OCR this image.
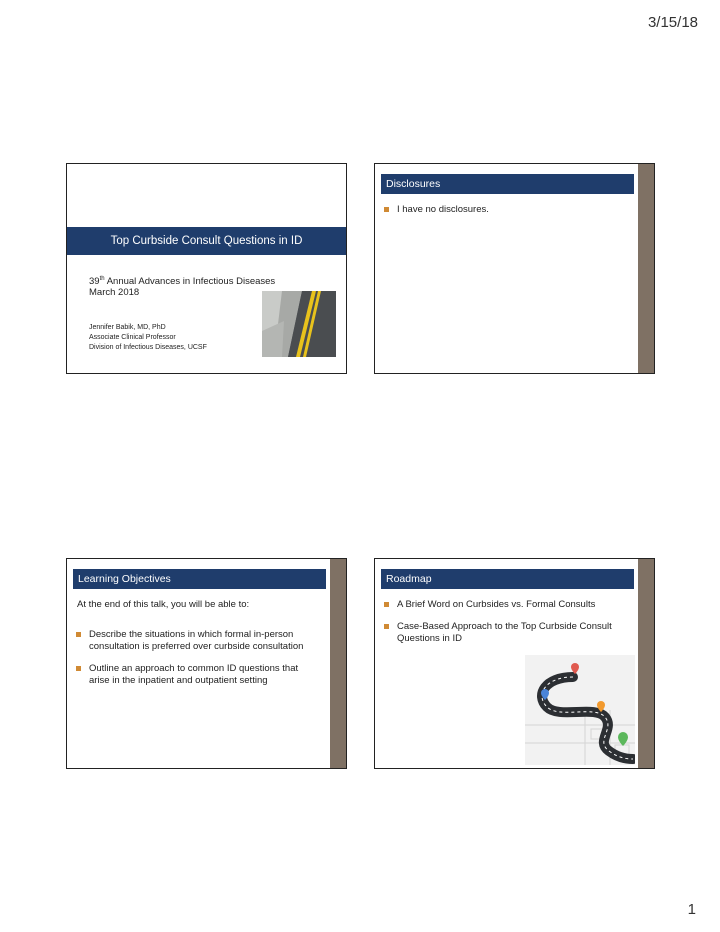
3/15/18
Top Curbside Consult Questions in ID
39th Annual Advances in Infectious Diseases
March 2018
Jennifer Babik, MD, PhD
Associate Clinical Professor
Division of Infectious Diseases, UCSF
Disclosures
I have no disclosures.
Learning Objectives
At the end of this talk, you will be able to:
Describe the situations in which formal in-person consultation is preferred over curbside consultation
Outline an approach to common ID questions that arise in the inpatient and outpatient setting
Roadmap
A Brief Word on Curbsides vs. Formal Consults
Case-Based Approach to the Top Curbside Consult Questions in ID
1
